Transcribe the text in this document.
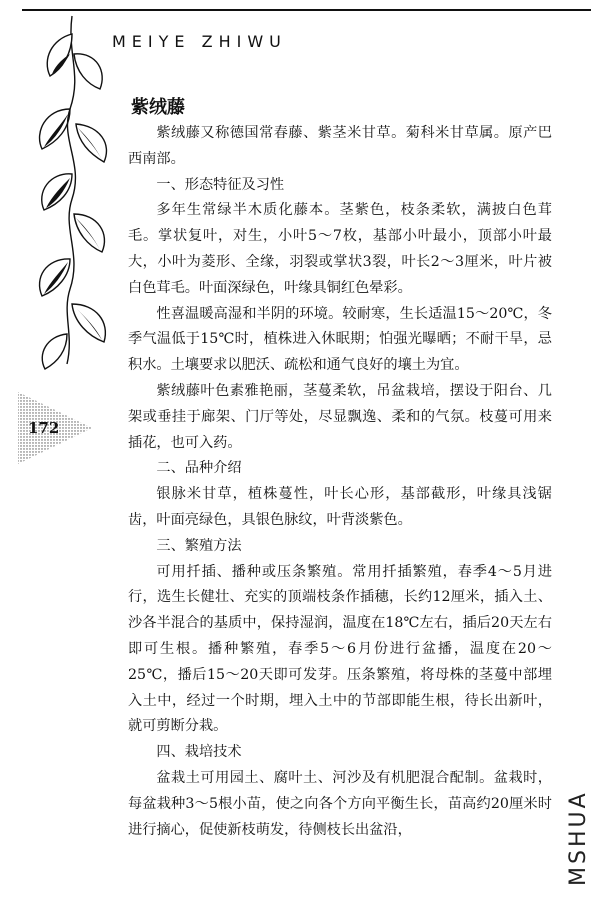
MEIYE ZHIWU
172
紫绒藤

紫绒藤又称德国常春藤、紫茎米甘草。菊科米甘草属。原产巴西南部。

一、形态特征及习性

多年生常绿半木质化藤本。茎紫色，枝条柔软，满披白色茸毛。掌状复叶，对生，小叶5～7枚，基部小叶最小，顶部小叶最大，小叶为菱形、全缘，羽裂或掌状3裂，叶长2～3厘米，叶片被白色茸毛。叶面深绿色，叶缘具铜红色晕彩。

性喜温暖高湿和半阴的环境。较耐寒，生长适温15～20℃，冬季气温低于15℃时，植株进入休眠期；怕强光曝晒；不耐干旱，忌积水。土壤要求以肥沃、疏松和通气良好的壤土为宜。

紫绒藤叶色素雅艳丽，茎蔓柔软，吊盆栽培，摆设于阳台、几架或垂挂于廊架、门厅等处，尽显飘逸、柔和的气氛。枝蔓可用来插花，也可入药。

二、品种介绍

银脉米甘草，植株蔓性，叶长心形，基部截形，叶缘具浅锯齿，叶面亮绿色，具银色脉纹，叶背淡紫色。

三、繁殖方法

可用扦插、播种或压条繁殖。常用扦插繁殖，春季4～5月进行，选生长健壮、充实的顶端枝条作插穗，长约12厘米，插入土、沙各半混合的基质中，保持湿润，温度在18℃左右，插后20天左右即可生根。播种繁殖，春季5～6月份进行盆播，温度在20～25℃，播后15～20天即可发芽。压条繁殖，将母株的茎蔓中部埋入土中，经过一个时期，埋入土中的节部即能生根，待长出新叶，就可剪断分栽。

四、栽培技术

盆栽土可用园土、腐叶土、河沙及有机肥混合配制。盆栽时，每盆栽种3～5根小苗，使之向各个方向平衡生长，苗高约20厘米时进行摘心，促使新枝萌发，待侧枝长出盆沿，	MSHUA
